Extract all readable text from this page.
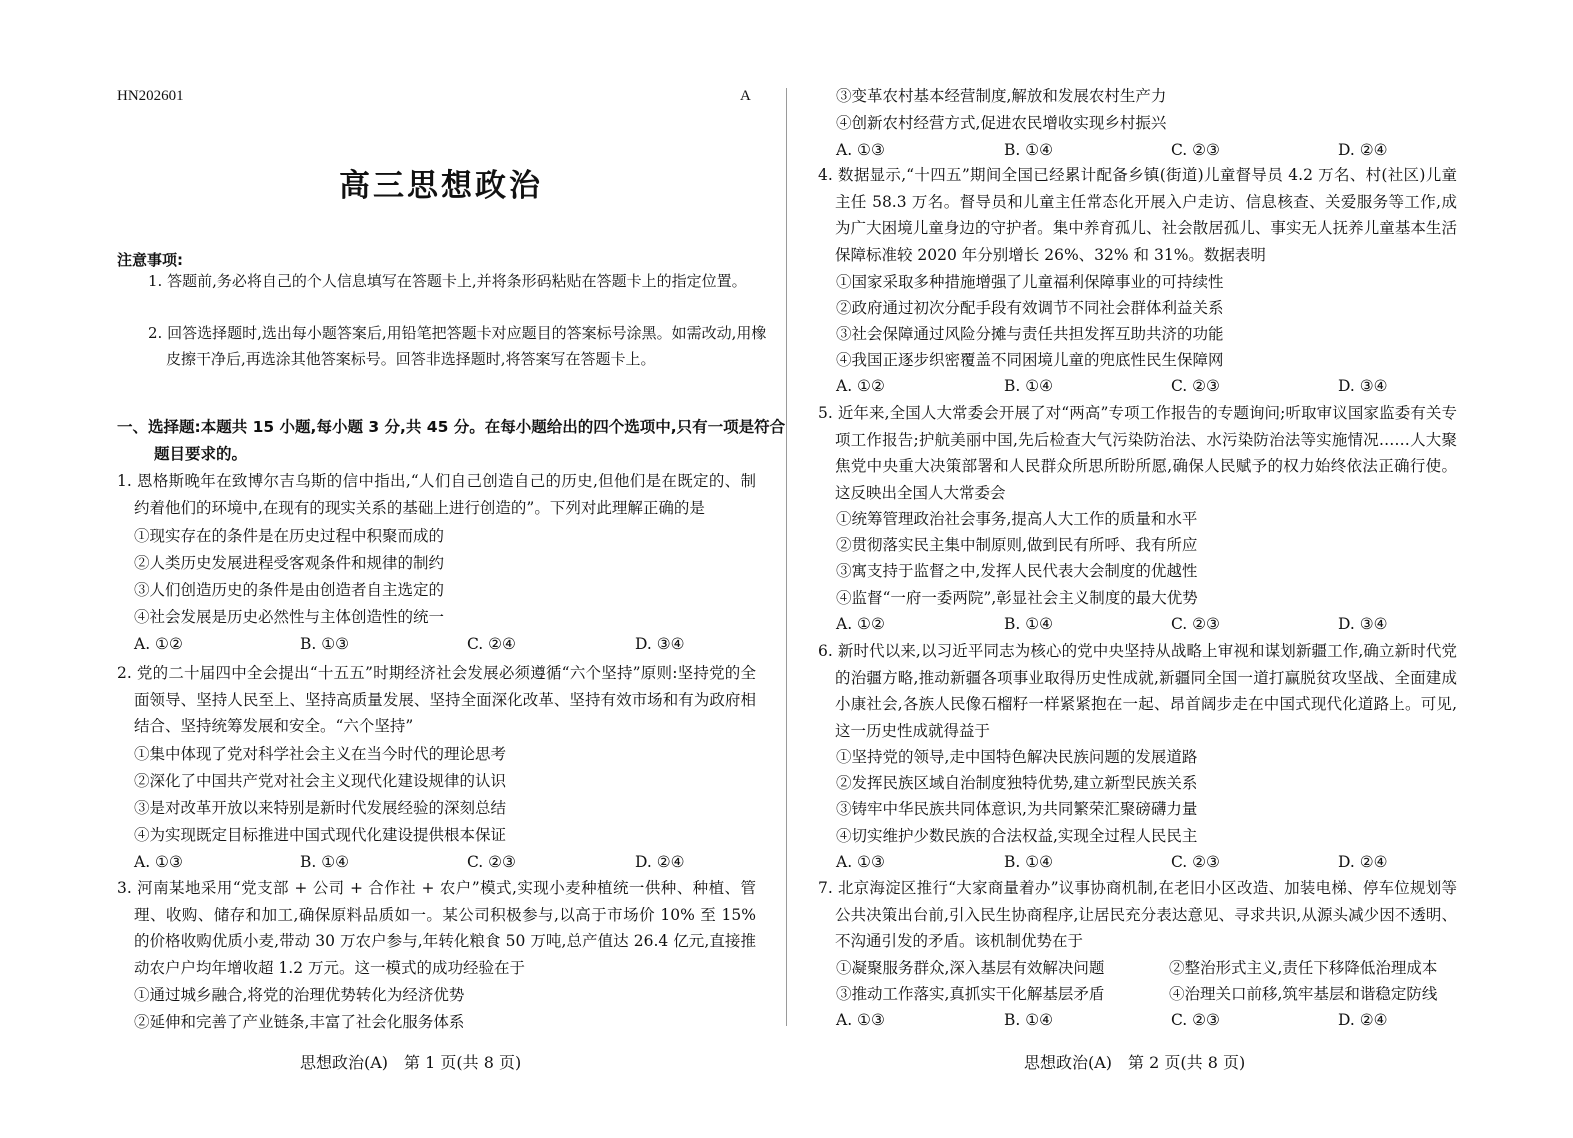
HN202601	A
高三思想政治
注意事项:
1. 答题前,务必将自己的个人信息填写在答题卡上,并将条形码粘贴在答题卡上的指定位置。
2. 回答选择题时,选出每小题答案后,用铅笔把答题卡对应题目的答案标号涂黑。如需改动,用橡皮擦干净后,再选涂其他答案标号。回答非选择题时,将答案写在答题卡上。
一、选择题:本题共 15 小题,每小题 3 分,共 45 分。在每小题给出的四个选项中,只有一项是符合题目要求的。
1. 恩格斯晚年在致博尔吉乌斯的信中指出,“人们自己创造自己的历史,但他们是在既定的、制约着他们的环境中,在现有的现实关系的基础上进行创造的”。下列对此理解正确的是
①现实存在的条件是在历史过程中积聚而成的
②人类历史发展进程受客观条件和规律的制约
③人们创造历史的条件是由创造者自主选定的
④社会发展是历史必然性与主体创造性的统一
A. ①②	B. ①③	C. ②④	D. ③④
2. 党的二十届四中全会提出“十五五”时期经济社会发展必须遵循“六个坚持”原则:坚持党的全面领导、坚持人民至上、坚持高质量发展、坚持全面深化改革、坚持有效市场和有为政府相结合、坚持统筹发展和安全。“六个坚持”
①集中体现了党对科学社会主义在当今时代的理论思考
②深化了中国共产党对社会主义现代化建设规律的认识
③是对改革开放以来特别是新时代发展经验的深刻总结
④为实现既定目标推进中国式现代化建设提供根本保证
A. ①③	B. ①④	C. ②③	D. ②④
3. 河南某地采用“党支部 + 公司 + 合作社 + 农户”模式,实现小麦种植统一供种、种植、管理、收购、储存和加工,确保原料品质如一。某公司积极参与,以高于市场价 10% 至 15% 的价格收购优质小麦,带动 30 万农户参与,年转化粮食 50 万吨,总产值达 26.4 亿元,直接推动农户户均年增收超 1.2 万元。这一模式的成功经验在于
①通过城乡融合,将党的治理优势转化为经济优势
②延伸和完善了产业链条,丰富了社会化服务体系
思想政治(A)　第 1 页(共 8 页)
③变革农村基本经营制度,解放和发展农村生产力
④创新农村经营方式,促进农民增收实现乡村振兴
A. ①③	B. ①④	C. ②③	D. ②④
4. 数据显示,“十四五”期间全国已经累计配备乡镇(街道)儿童督导员 4.2 万名、村(社区)儿童主任 58.3 万名。督导员和儿童主任常态化开展入户走访、信息核查、关爱服务等工作,成为广大困境儿童身边的守护者。集中养育孤儿、社会散居孤儿、事实无人抚养儿童基本生活保障标准较 2020 年分别增长 26%、32% 和 31%。数据表明
①国家采取多种措施增强了儿童福利保障事业的可持续性
②政府通过初次分配手段有效调节不同社会群体利益关系
③社会保障通过风险分摊与责任共担发挥互助共济的功能
④我国正逐步织密覆盖不同困境儿童的兜底性民生保障网
A. ①②	B. ①④	C. ②③	D. ③④
5. 近年来,全国人大常委会开展了对“两高”专项工作报告的专题询问;听取审议国家监委有关专项工作报告;护航美丽中国,先后检查大气污染防治法、水污染防治法等实施情况……人大聚焦党中央重大决策部署和人民群众所思所盼所愿,确保人民赋予的权力始终依法正确行使。这反映出全国人大常委会
①统筹管理政治社会事务,提高人大工作的质量和水平
②贯彻落实民主集中制原则,做到民有所呼、我有所应
③寓支持于监督之中,发挥人民代表大会制度的优越性
④监督“一府一委两院”,彰显社会主义制度的最大优势
A. ①②	B. ①④	C. ②③	D. ③④
6. 新时代以来,以习近平同志为核心的党中央坚持从战略上审视和谋划新疆工作,确立新时代党的治疆方略,推动新疆各项事业取得历史性成就,新疆同全国一道打赢脱贫攻坚战、全面建成小康社会,各族人民像石榴籽一样紧紧抱在一起、昂首阔步走在中国式现代化道路上。可见,这一历史性成就得益于
①坚持党的领导,走中国特色解决民族问题的发展道路
②发挥民族区域自治制度独特优势,建立新型民族关系
③铸牢中华民族共同体意识,为共同繁荣汇聚磅礴力量
④切实维护少数民族的合法权益,实现全过程人民民主
A. ①③	B. ①④	C. ②③	D. ②④
7. 北京海淀区推行“大家商量着办”议事协商机制,在老旧小区改造、加装电梯、停车位规划等公共决策出台前,引入民生协商程序,让居民充分表达意见、寻求共识,从源头减少因不透明、不沟通引发的矛盾。该机制优势在于
①凝聚服务群众,深入基层有效解决问题	②整治形式主义,责任下移降低治理成本
③推动工作落实,真抓实干化解基层矛盾	④治理关口前移,筑牢基层和谐稳定防线
A. ①③	B. ①④	C. ②③	D. ②④
思想政治(A)　第 2 页(共 8 页)
